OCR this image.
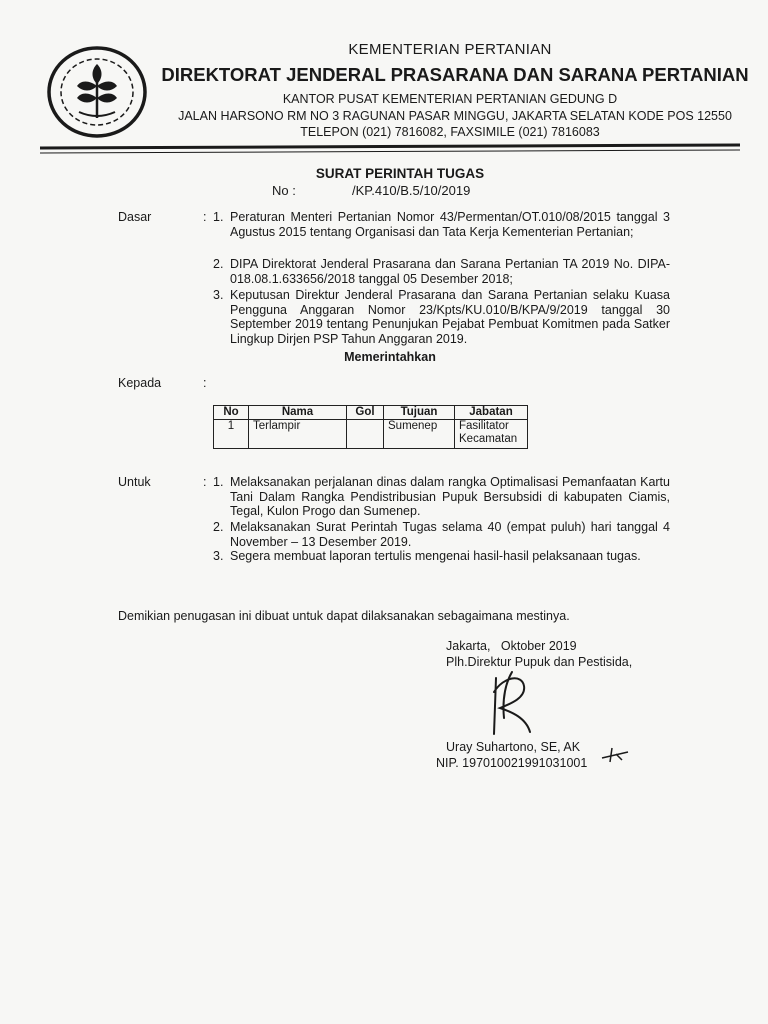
KEMENTERIAN PERTANIAN
DIREKTORAT JENDERAL PRASARANA DAN SARANA PERTANIAN
KANTOR PUSAT KEMENTERIAN PERTANIAN GEDUNG D
JALAN HARSONO RM NO 3 RAGUNAN PASAR MINGGU, JAKARTA SELATAN KODE POS 12550
TELEPON (021) 7816082, FAXSIMILE (021) 7816083
SURAT PERINTAH TUGAS
No :	/KP.410/B.5/10/2019
Dasar	: 1. Peraturan Menteri Pertanian Nomor 43/Permentan/OT.010/08/2015 tanggal 3 Agustus 2015 tentang Organisasi dan Tata Kerja Kementerian Pertanian;
2. DIPA Direktorat Jenderal Prasarana dan Sarana Pertanian TA 2019 No. DIPA-018.08.1.633656/2018 tanggal 05 Desember 2018;
3. Keputusan Direktur Jenderal Prasarana dan Sarana Pertanian selaku Kuasa Pengguna Anggaran Nomor 23/Kpts/KU.010/B/KPA/9/2019 tanggal 30 September 2019 tentang Penunjukan Pejabat Pembuat Komitmen pada Satker Lingkup Dirjen PSP Tahun Anggaran 2019.
Memerintahkan
Kepada	:
No	Nama	Gol	Tujuan	Jabatan
1	Terlampir		Sumenep	Fasilitator
Kecamatan
Untuk	: 1. Melaksanakan perjalanan dinas dalam rangka Optimalisasi Pemanfaatan Kartu Tani Dalam Rangka Pendistribusian Pupuk Bersubsidi di kabupaten Ciamis, Tegal, Kulon Progo dan Sumenep.
2. Melaksanakan Surat Perintah Tugas selama 40 (empat puluh) hari tanggal 4 November – 13 Desember 2019.
3. Segera membuat laporan tertulis mengenai hasil-hasil pelaksanaan tugas.
Demikian penugasan ini dibuat untuk dapat dilaksanakan sebagaimana mestinya.
Jakarta,   Oktober 2019
Plh.Direktur Pupuk dan Pestisida,
Uray Suhartono, SE, AK
NIP. 197010021991031001
